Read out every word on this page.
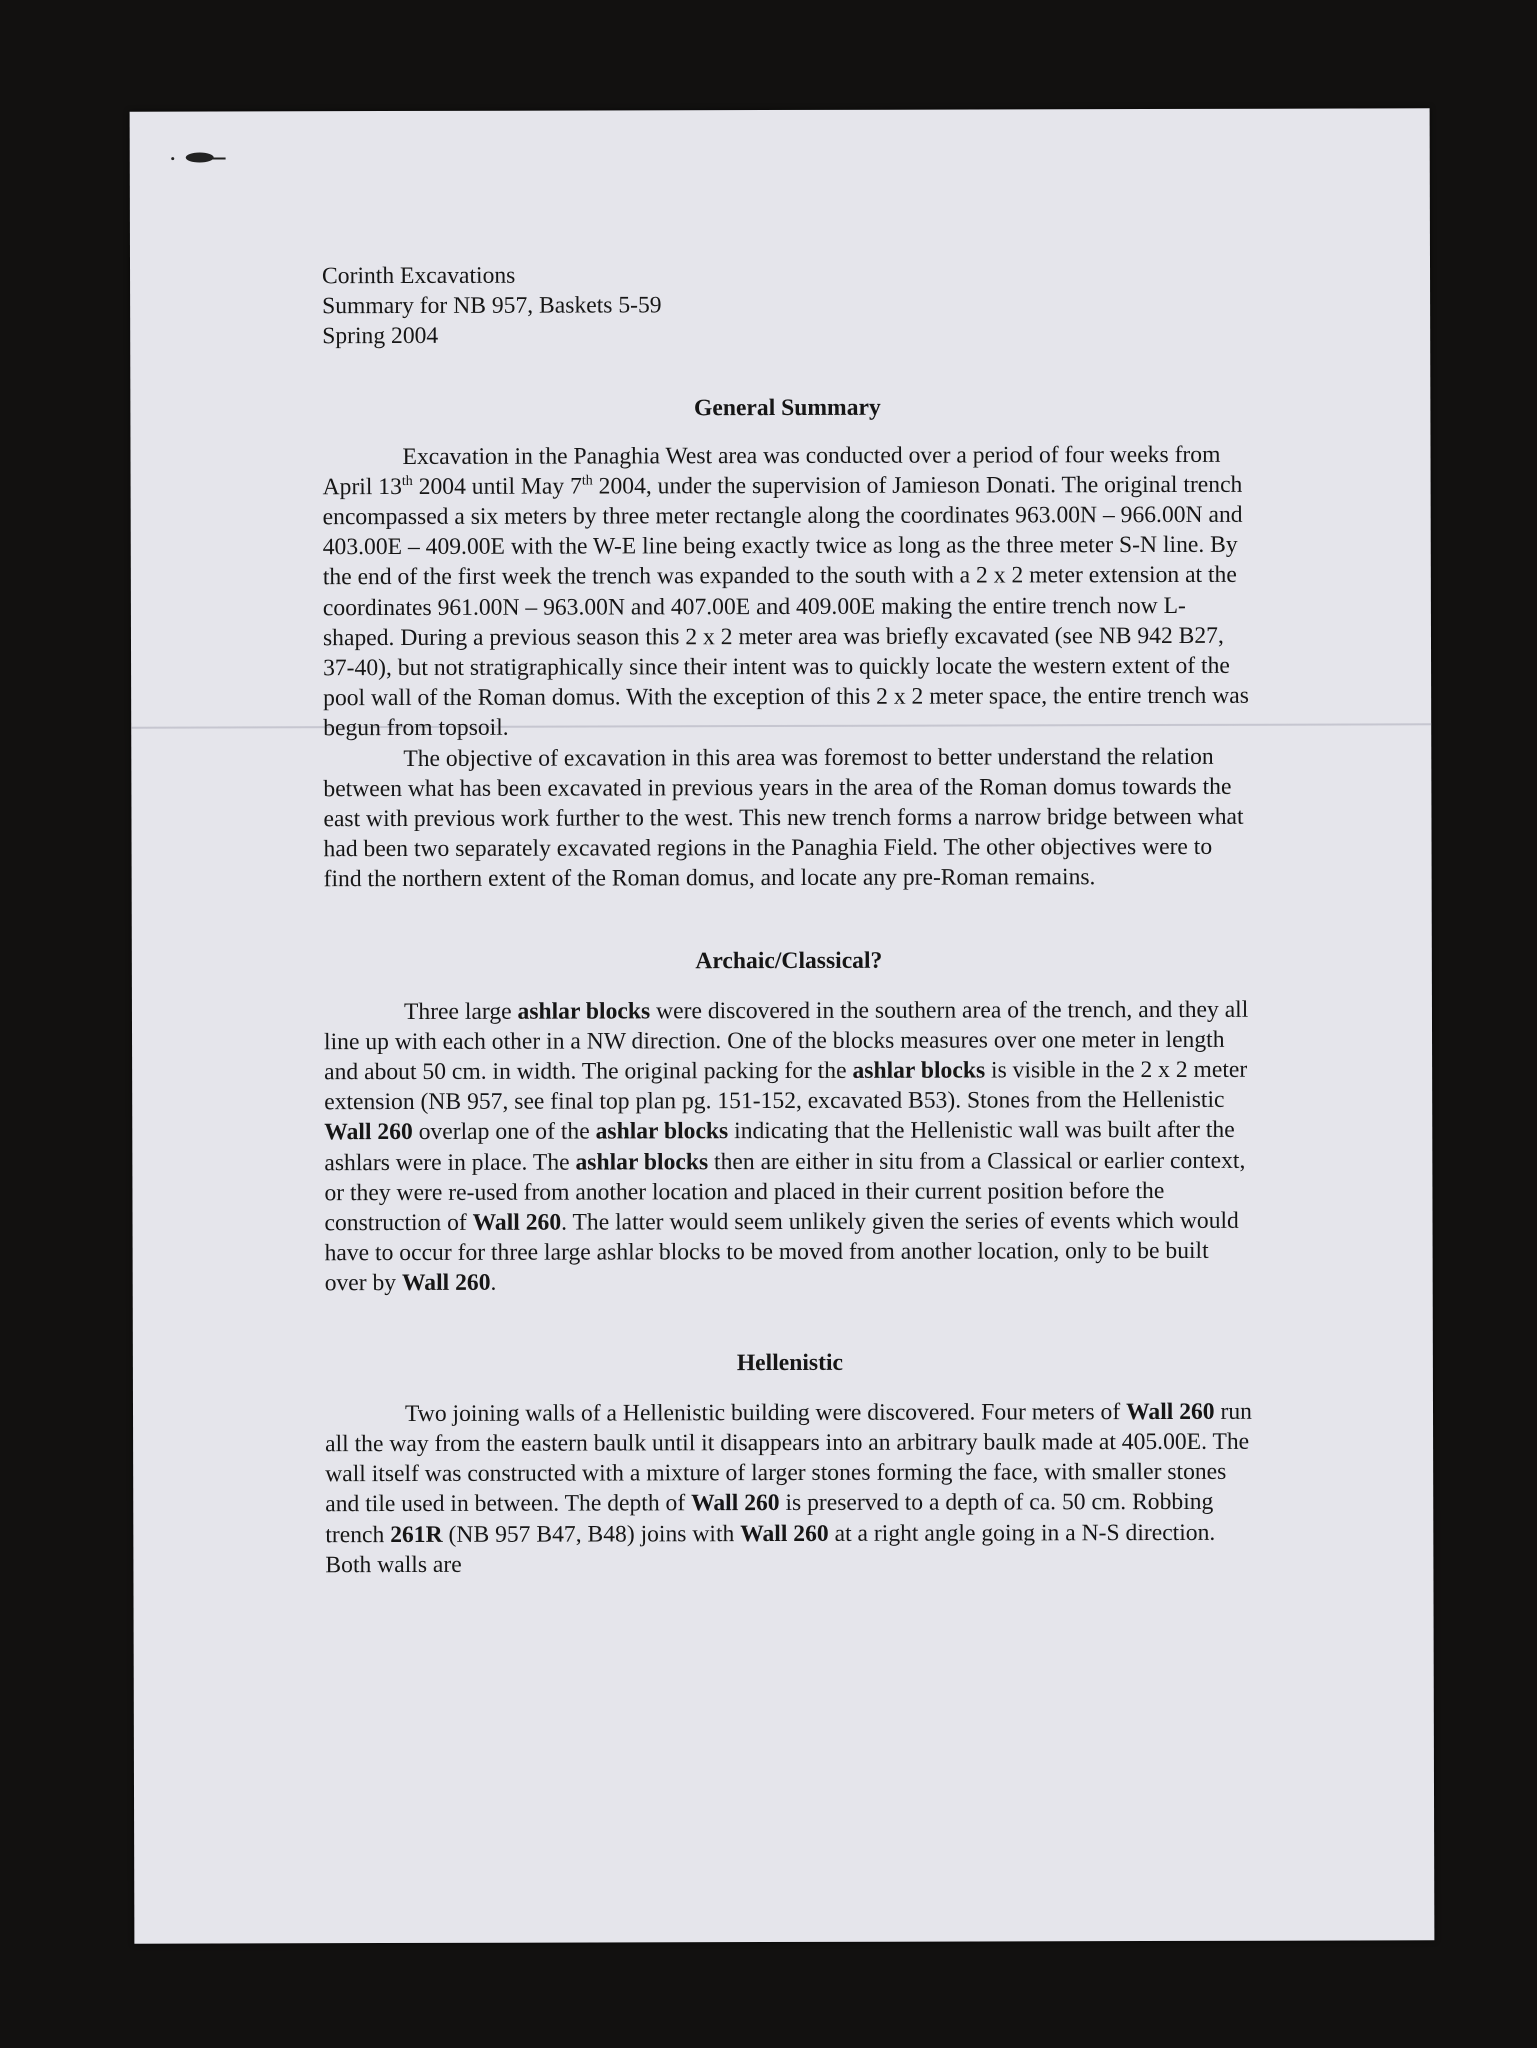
Corinth Excavations
Summary for NB 957, Baskets 5-59
Spring 2004
General Summary

Excavation in the Panaghia West area was conducted over a period of four weeks from April 13th 2004 until May 7th 2004, under the supervision of Jamieson Donati. The original trench encompassed a six meters by three meter rectangle along the coordinates 963.00N – 966.00N and 403.00E – 409.00E with the W-E line being exactly twice as long as the three meter S-N line. By the end of the first week the trench was expanded to the south with a 2 x 2 meter extension at the coordinates 961.00N – 963.00N and 407.00E and 409.00E making the entire trench now L-shaped. During a previous season this 2 x 2 meter area was briefly excavated (see NB 942 B27, 37-40), but not stratigraphically since their intent was to quickly locate the western extent of the pool wall of the Roman domus. With the exception of this 2 x 2 meter space, the entire trench was begun from topsoil.

The objective of excavation in this area was foremost to better understand the relation between what has been excavated in previous years in the area of the Roman domus towards the east with previous work further to the west. This new trench forms a narrow bridge between what had been two separately excavated regions in the Panaghia Field. The other objectives were to find the northern extent of the Roman domus, and locate any pre-Roman remains.

Archaic/Classical?

Three large ashlar blocks were discovered in the southern area of the trench, and they all line up with each other in a NW direction. One of the blocks measures over one meter in length and about 50 cm. in width. The original packing for the ashlar blocks is visible in the 2 x 2 meter extension (NB 957, see final top plan pg. 151-152, excavated B53). Stones from the Hellenistic Wall 260 overlap one of the ashlar blocks indicating that the Hellenistic wall was built after the ashlars were in place. The ashlar blocks then are either in situ from a Classical or earlier context, or they were re-used from another location and placed in their current position before the construction of Wall 260. The latter would seem unlikely given the series of events which would have to occur for three large ashlar blocks to be moved from another location, only to be built over by Wall 260.

Hellenistic

Two joining walls of a Hellenistic building were discovered. Four meters of Wall 260 run all the way from the eastern baulk until it disappears into an arbitrary baulk made at 405.00E. The wall itself was constructed with a mixture of larger stones forming the face, with smaller stones and tile used in between. The depth of Wall 260 is preserved to a depth of ca. 50 cm. Robbing trench 261R (NB 957 B47, B48) joins with Wall 260 at a right angle going in a N-S direction. Both walls are
